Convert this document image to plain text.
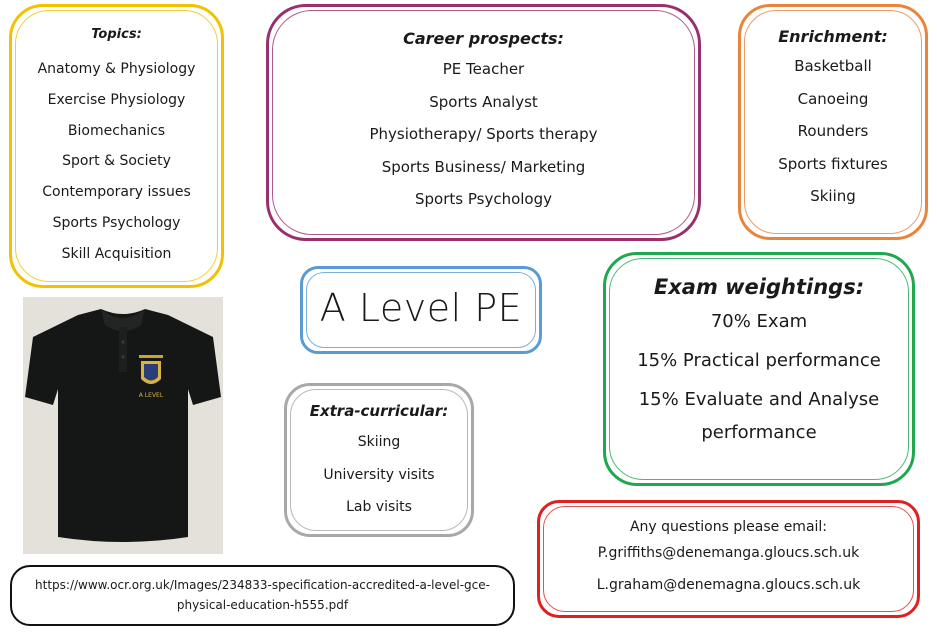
Topics:
Anatomy & Physiology
Exercise Physiology
Biomechanics
Sport & Society
Contemporary issues
Sports Psychology
Skill Acquisition
Career prospects:
PE Teacher
Sports Analyst
Physiotherapy/ Sports therapy
Sports Business/ Marketing
Sports Psychology
Enrichment:
Basketball
Canoeing
Rounders
Sports fixtures
Skiing
A LEVEL
A Level PE	Exam weightings:
70% Exam
15% Practical performance
15% Evaluate and Analyse performance
Extra-curricular:
Skiing
University visits
Lab visits
Any questions please email:
P.griffiths@denemanga.gloucs.sch.uk
L.graham@denemagna.gloucs.sch.uk
https://www.ocr.org.uk/Images/234833-specification-accredited-a-level-gce-physical-education-h555.pdf
